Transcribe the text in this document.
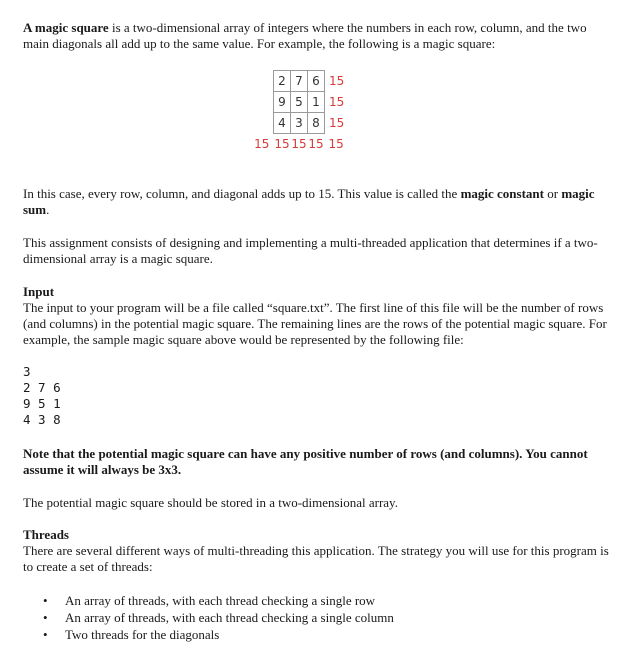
A magic square is a two-dimensional array of integers where the numbers in each row, column, and the two main diagonals all add up to the same value. For example, the following is a magic square:

	2	7	6	15
	9	5	1	15
	4	3	8	15
15	15	15	15	15

In this case, every row, column, and diagonal adds up to 15. This value is called the magic constant or magic sum.

This assignment consists of designing and implementing a multi-threaded application that determines if a two-dimensional array is a magic square.

Input

The input to your program will be a file called “square.txt”. The first line of this file will be the number of rows (and columns) in the potential magic square. The remaining lines are the rows of the potential magic square. For example, the sample magic square above would be represented by the following file:

3
2 7 6
9 5 1
4 3 8

Note that the potential magic square can have any positive number of rows (and columns). You cannot assume it will always be 3x3.

The potential magic square should be stored in a two-dimensional array.

Threads

There are several different ways of multi-threading this application. The strategy you will use for this program is to create a set of threads:

• An array of threads, with each thread checking a single row
• An array of threads, with each thread checking a single column
• Two threads for the diagonals
